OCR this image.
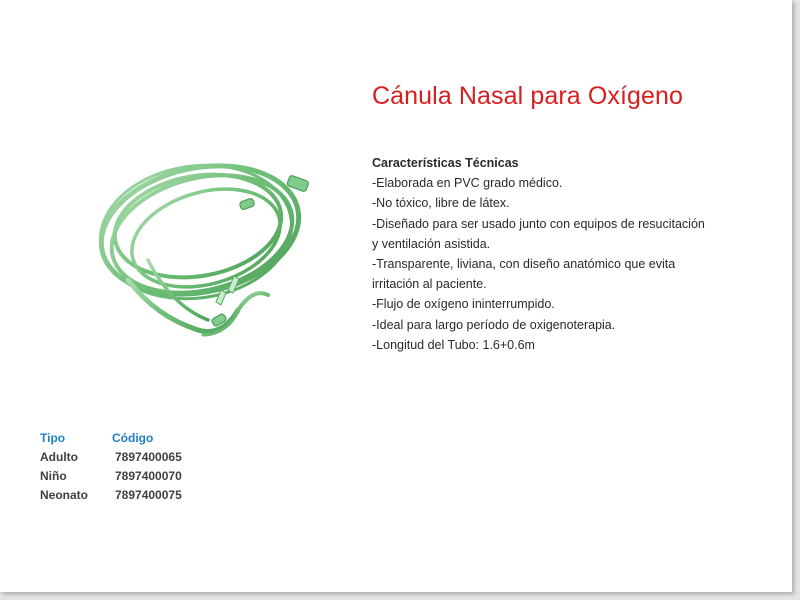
Cánula Nasal para Oxígeno
Características Técnicas
-Elaborada en PVC grado médico.
-No tóxico, libre de látex.
-Diseñado para ser usado junto con equipos de resucitación y ventilación asistida.
-Transparente, liviana, con diseño anatómico que evita irritación al paciente.
-Flujo de oxígeno ininterrumpido.
-Ideal para largo período de oxigenoterapia.
-Longitud del Tubo: 1.6+0.6m
Tipo	Código
Adulto	7897400065
Niño	7897400070
Neonato	7897400075
